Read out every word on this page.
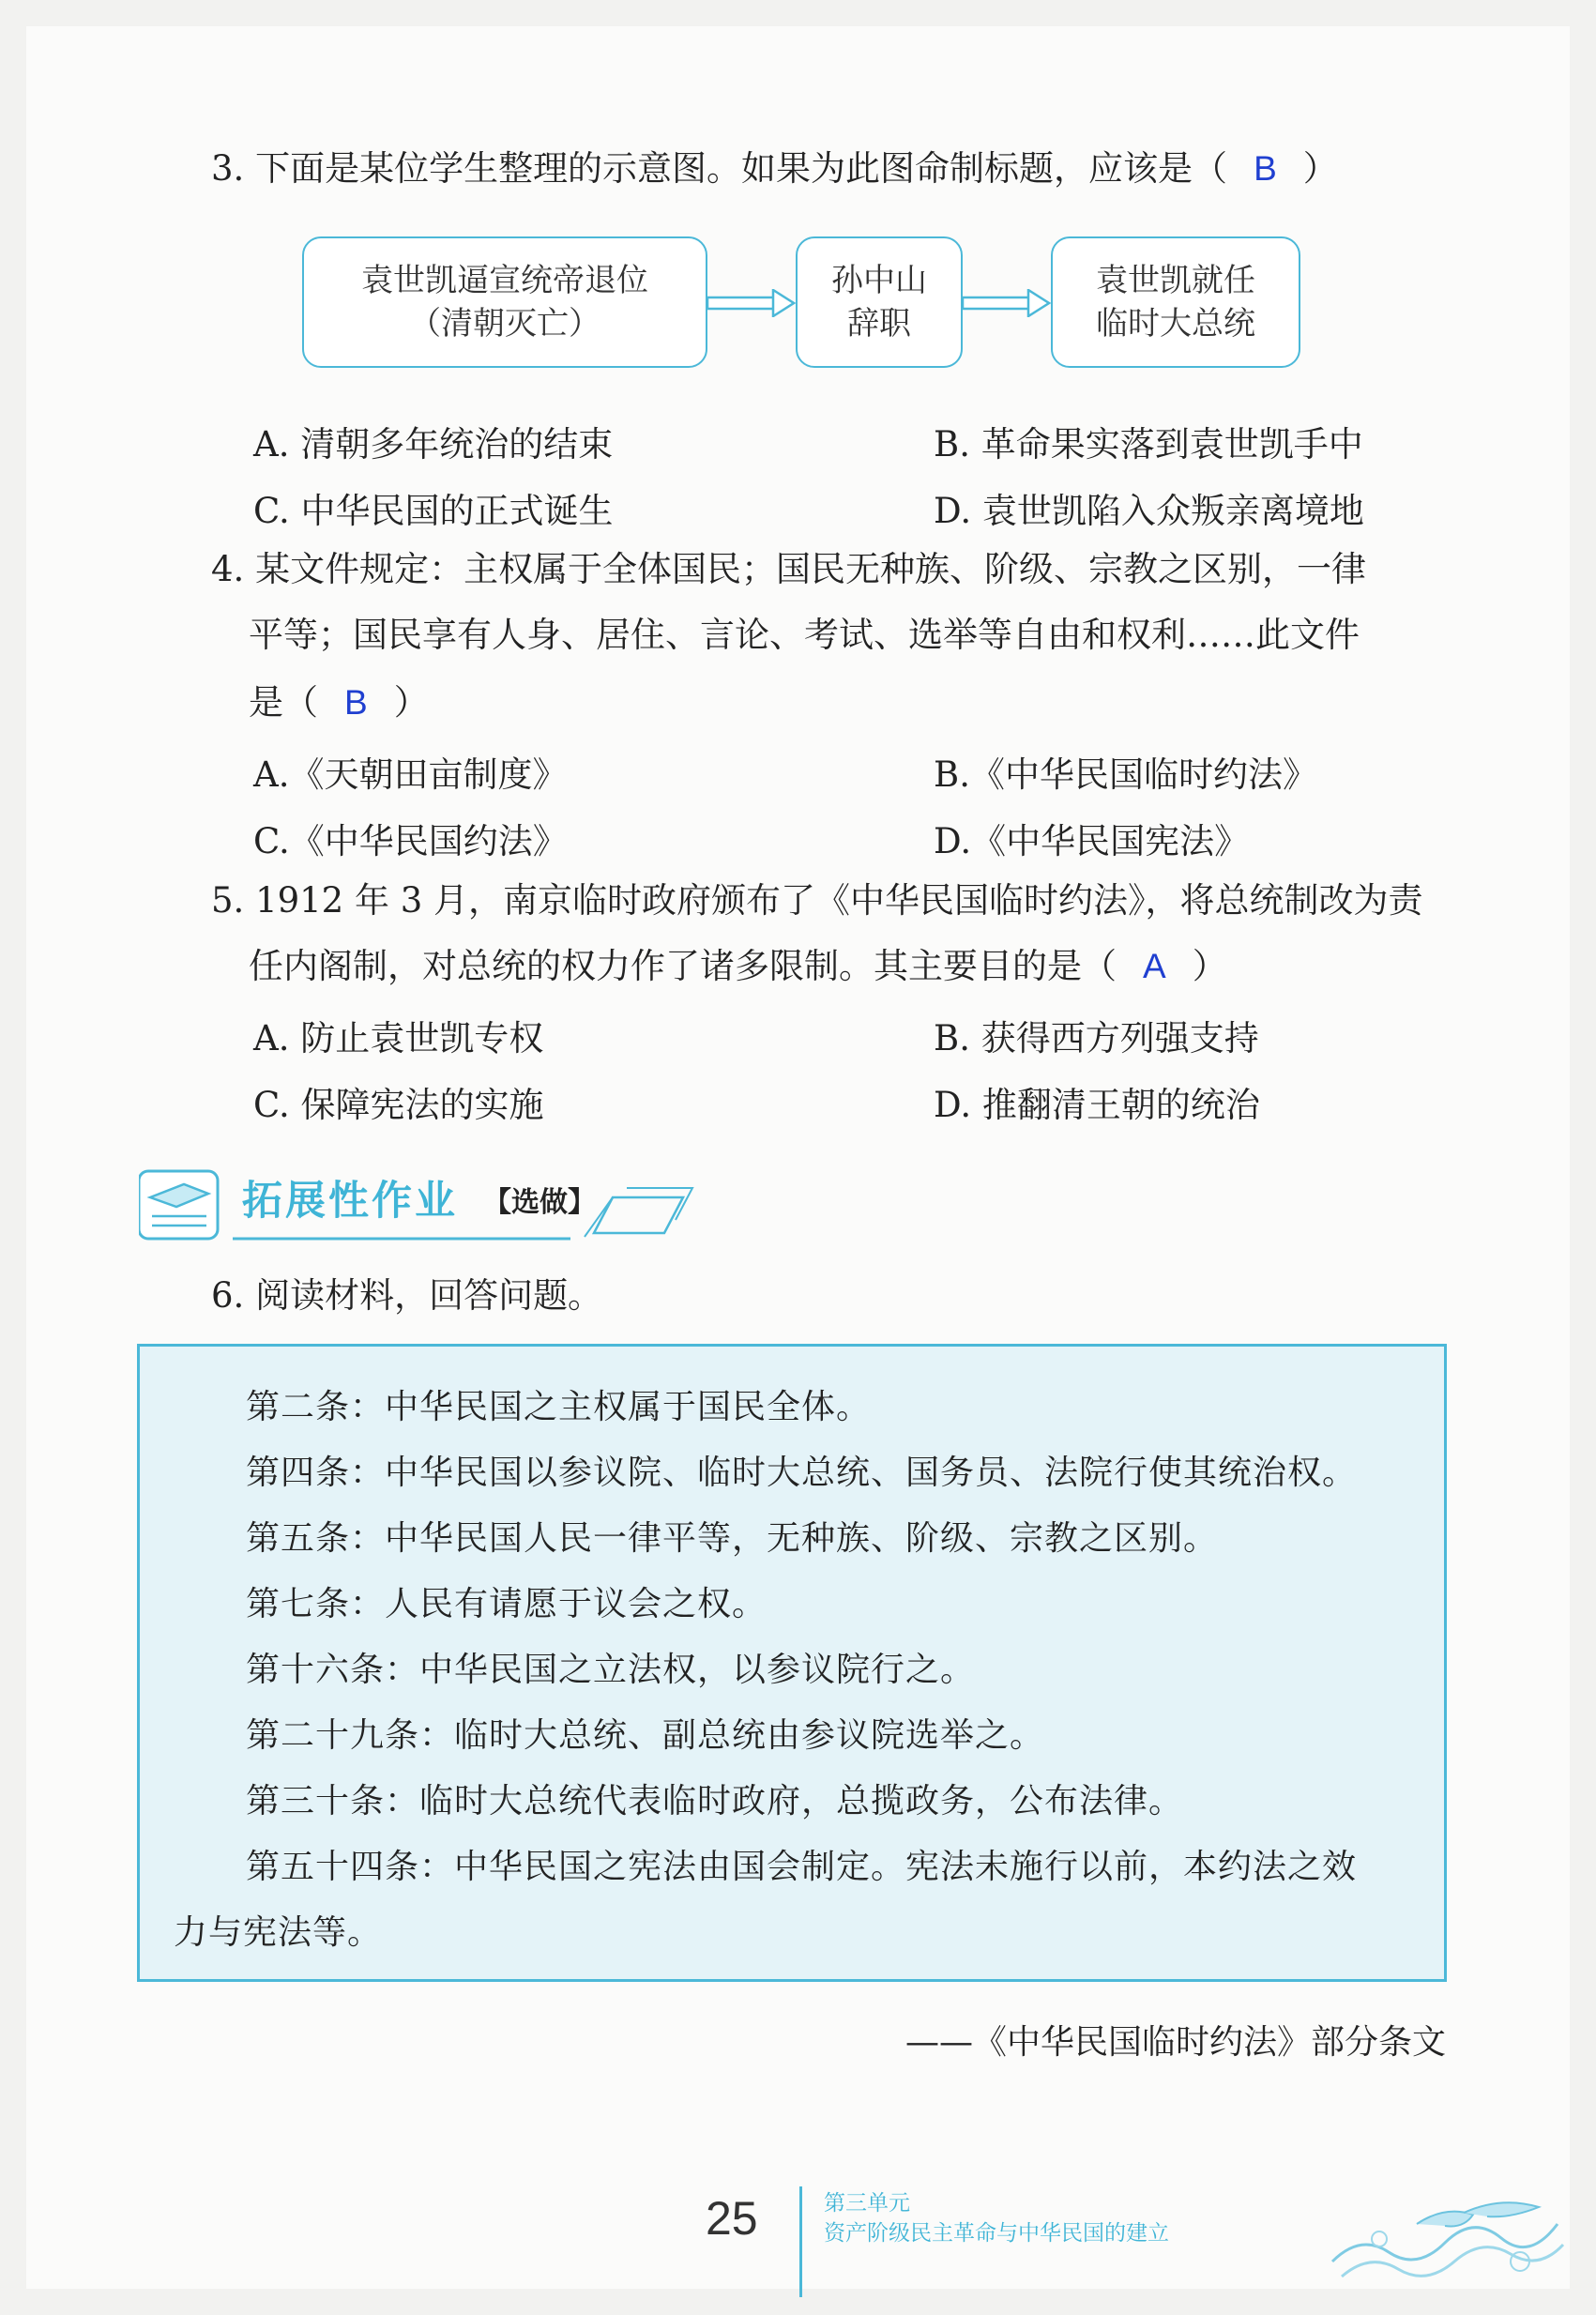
3. 下面是某位学生整理的示意图。如果为此图命制标题，应该是（ B ）
袁世凯逼宣统帝退位
（清朝灭亡）
孙中山
辞职
袁世凯就任
临时大总统
A. 清朝多年统治的结束	B. 革命果实落到袁世凯手中
C. 中华民国的正式诞生	D. 袁世凯陷入众叛亲离境地
4. 某文件规定：主权属于全体国民；国民无种族、阶级、宗教之区别，一律
平等；国民享有人身、居住、言论、考试、选举等自由和权利……此文件
是（ B ）
A.《天朝田亩制度》	B.《中华民国临时约法》
C.《中华民国约法》	D.《中华民国宪法》
5. 1912 年 3 月，南京临时政府颁布了《中华民国临时约法》，将总统制改为责
任内阁制，对总统的权力作了诸多限制。其主要目的是（ A ）
A. 防止袁世凯专权	B. 获得西方列强支持
C. 保障宪法的实施	D. 推翻清王朝的统治
拓展性作业 【选做】
6. 阅读材料，回答问题。
第二条：中华民国之主权属于国民全体。
第四条：中华民国以参议院、临时大总统、国务员、法院行使其统治权。
第五条：中华民国人民一律平等，无种族、阶级、宗教之区别。
第七条：人民有请愿于议会之权。
第十六条：中华民国之立法权，以参议院行之。
第二十九条：临时大总统、副总统由参议院选举之。
第三十条：临时大总统代表临时政府，总揽政务，公布法律。
第五十四条：中华民国之宪法由国会制定。宪法未施行以前，本约法之效
力与宪法等。
——《中华民国临时约法》部分条文
25	第三单元
资产阶级民主革命与中华民国的建立
